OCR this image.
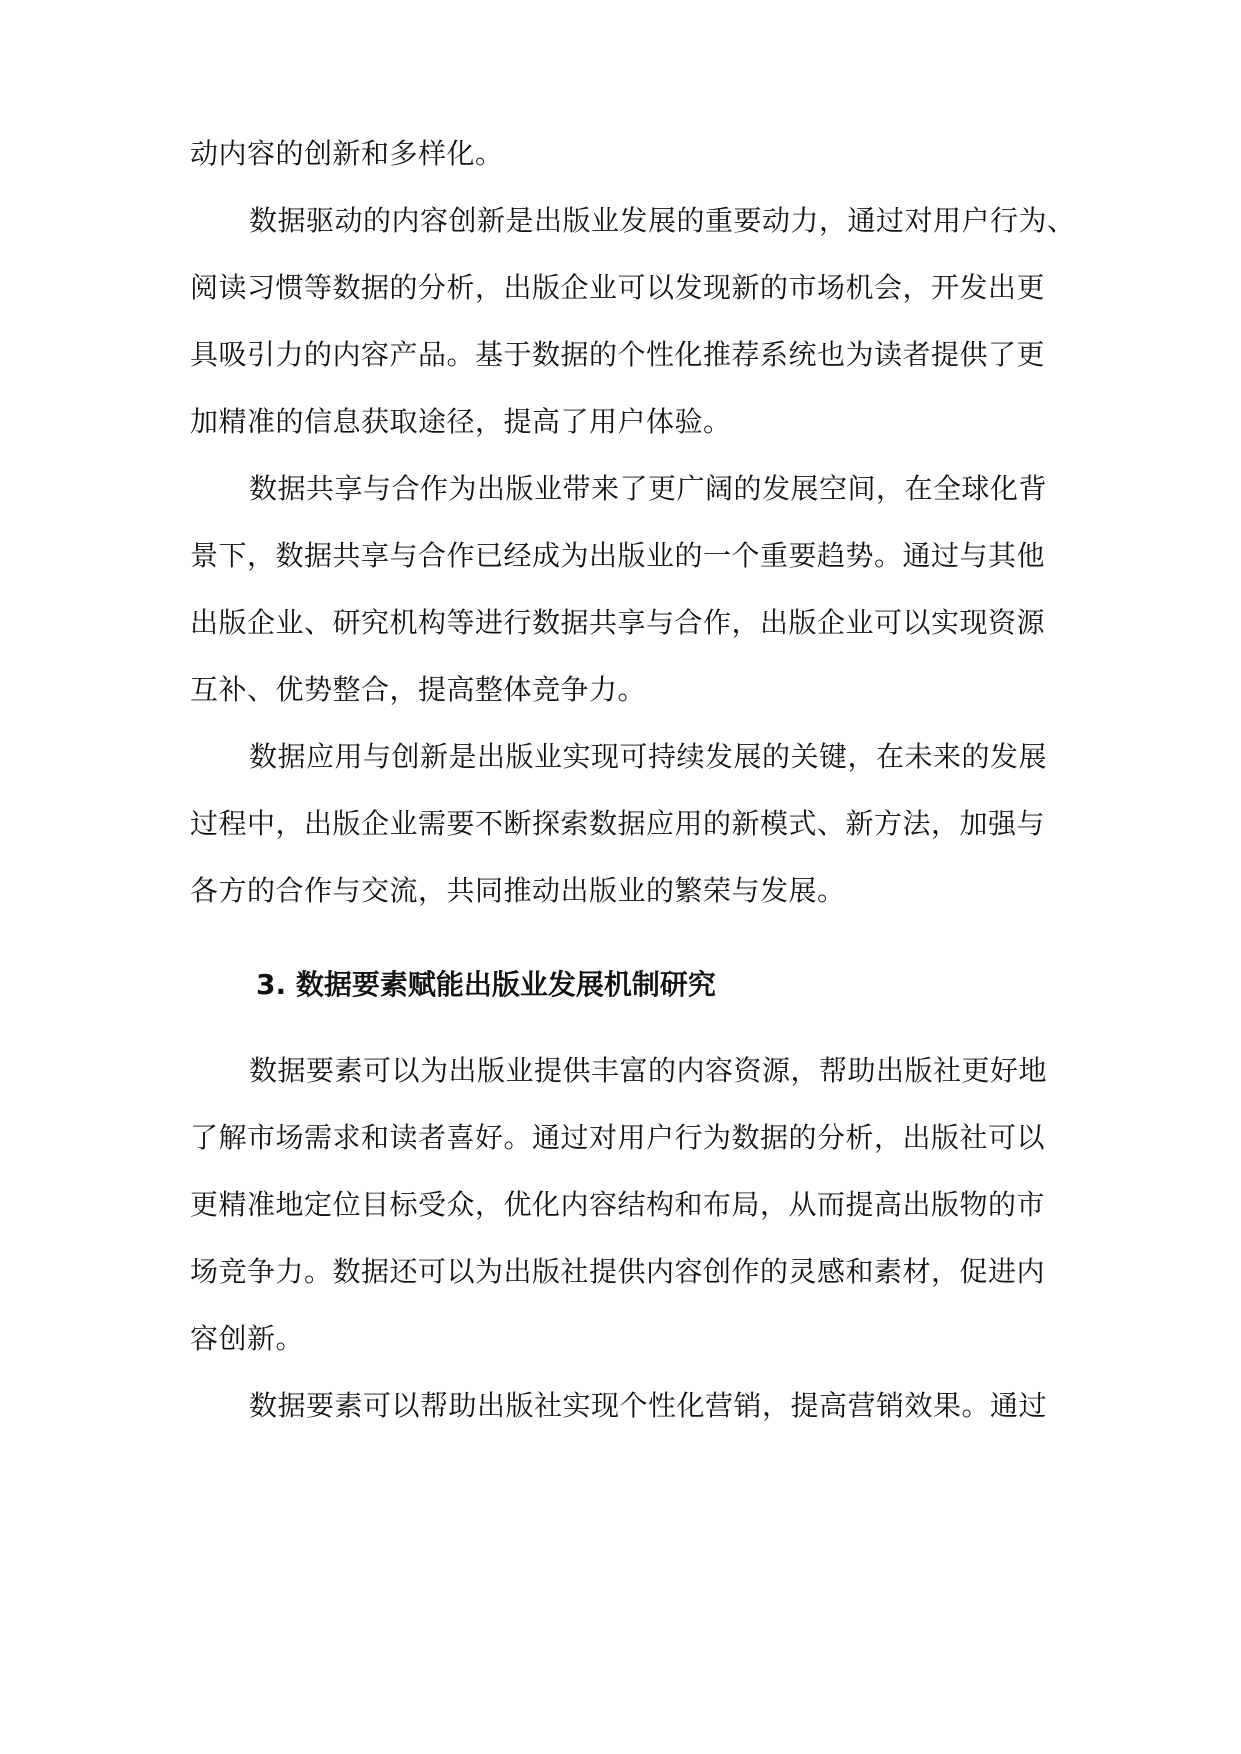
动内容的创新和多样化。
数据驱动的内容创新是出版业发展的重要动力，通过对用户行为、
阅读习惯等数据的分析，出版企业可以发现新的市场机会，开发出更
具吸引力的内容产品。基于数据的个性化推荐系统也为读者提供了更
加精准的信息获取途径，提高了用户体验。
数据共享与合作为出版业带来了更广阔的发展空间，在全球化背
景下，数据共享与合作已经成为出版业的一个重要趋势。通过与其他
出版企业、研究机构等进行数据共享与合作，出版企业可以实现资源
互补、优势整合，提高整体竞争力。
数据应用与创新是出版业实现可持续发展的关键，在未来的发展
过程中，出版企业需要不断探索数据应用的新模式、新方法，加强与
各方的合作与交流，共同推动出版业的繁荣与发展。
3. 数据要素赋能出版业发展机制研究
数据要素可以为出版业提供丰富的内容资源，帮助出版社更好地
了解市场需求和读者喜好。通过对用户行为数据的分析，出版社可以
更精准地定位目标受众，优化内容结构和布局，从而提高出版物的市
场竞争力。数据还可以为出版社提供内容创作的灵感和素材，促进内
容创新。
数据要素可以帮助出版社实现个性化营销，提高营销效果。通过
